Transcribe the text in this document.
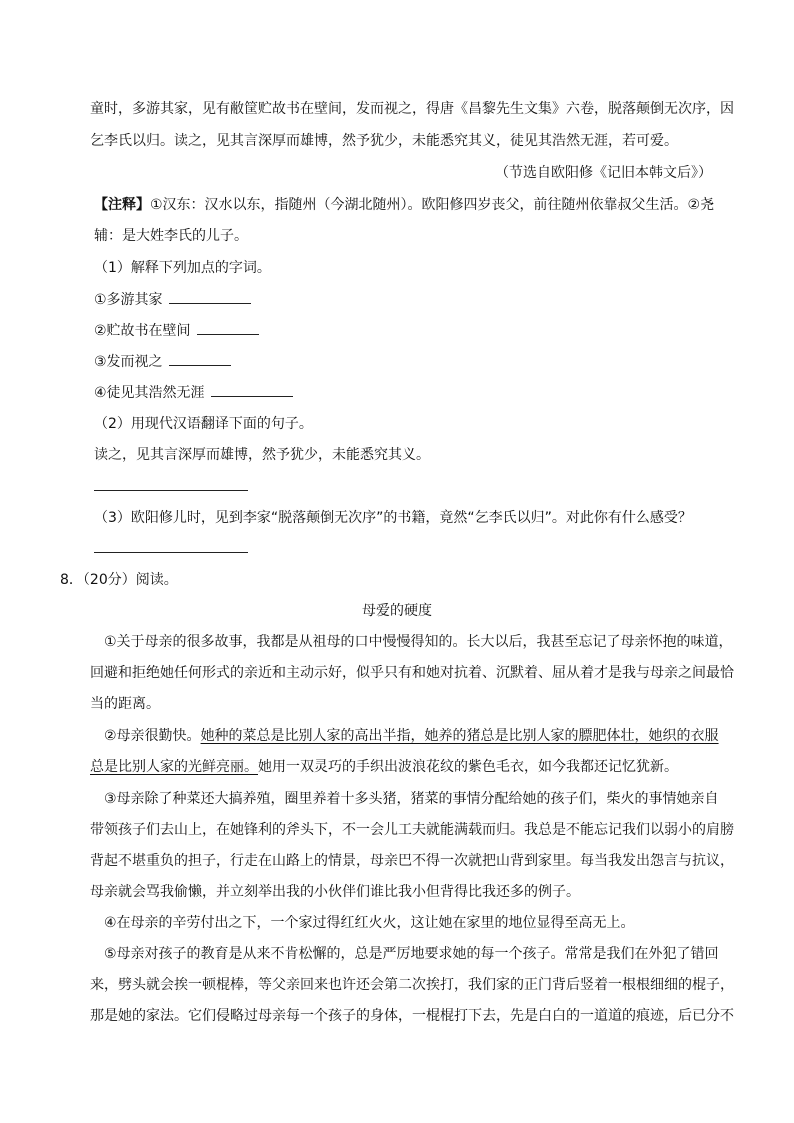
童时，多游其家，见有敝筐贮故书在壁间，发而视之，得唐《昌黎先生文集》六卷，脱落颠倒无次序，因
乞李氏以归。读之，见其言深厚而雄博，然予犹少，未能悉究其义，徒见其浩然无涯，若可爱。
（节选自欧阳修《记旧本韩文后》）
【注释】①汉东：汉水以东，指随州（今湖北随州）。欧阳修四岁丧父，前往随州依靠叔父生活。②尧
辅：是大姓李氏的儿子。
（1）解释下列加点的字词。
①多游其家
②贮故书在壁间
③发而视之
④徒见其浩然无涯
（2）用现代汉语翻译下面的句子。
读之，见其言深厚而雄博，然予犹少，未能悉究其义。
（3）欧阳修儿时，见到李家“脱落颠倒无次序”的书籍，竟然“乞李氏以归”。对此你有什么感受？
8．（20分）阅读。
母爱的硬度
①关于母亲的很多故事，我都是从祖母的口中慢慢得知的。长大以后，我甚至忘记了母亲怀抱的味道，
回避和拒绝她任何形式的亲近和主动示好，似乎只有和她对抗着、沉默着、屈从着才是我与母亲之间最恰
当的距离。
②母亲很勤快。她种的菜总是比别人家的高出半指，她养的猪总是比别人家的膘肥体壮，她织的衣服
总是比别人家的光鲜亮丽。她用一双灵巧的手织出波浪花纹的紫色毛衣，如今我都还记忆犹新。
③母亲除了种菜还大搞养殖，圈里养着十多头猪，猪菜的事情分配给她的孩子们，柴火的事情她亲自
带领孩子们去山上，在她锋利的斧头下，不一会儿工夫就能满载而归。我总是不能忘记我们以弱小的肩膀
背起不堪重负的担子，行走在山路上的情景，母亲巴不得一次就把山背到家里。每当我发出怨言与抗议，
母亲就会骂我偷懒，并立刻举出我的小伙伴们谁比我小但背得比我还多的例子。
④在母亲的辛劳付出之下，一个家过得红红火火，这让她在家里的地位显得至高无上。
⑤母亲对孩子的教育是从来不肯松懈的，总是严厉地要求她的每一个孩子。常常是我们在外犯了错回
来，劈头就会挨一顿棍棒，等父亲回来也许还会第二次挨打，我们家的正门背后竖着一根根细细的棍子，
那是她的家法。它们侵略过母亲每一个孩子的身体，一棍棍打下去，先是白白的一道道的痕迹，后已分不
